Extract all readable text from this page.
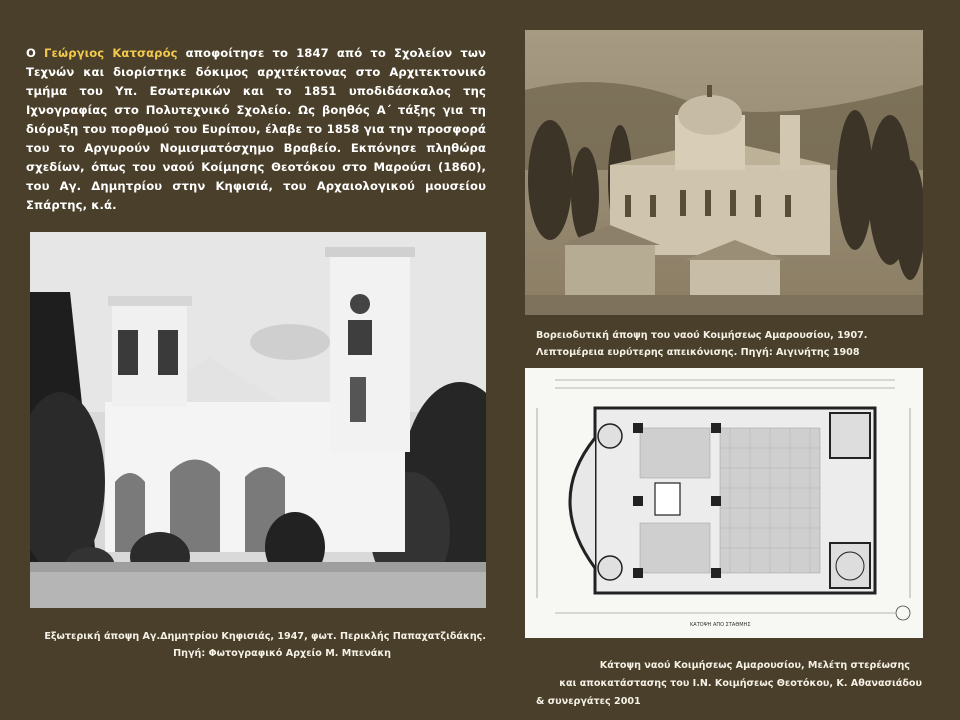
Ο Γεώργιος Κατσαρός αποφοίτησε το 1847 από το Σχολείον των Τεχνών και διορίστηκε δόκιμος αρχιτέκτονας στο Αρχιτεκτονικό τμήμα του Υπ. Εσωτερικών και το 1851 υποδιδάσκαλος της Ιχνογραφίας στο Πολυτεχνικό Σχολείο. Ως βοηθός Α΄ τάξης για τη διόρυξη του πορθμού του Ευρίπου, έλαβε το 1858 για την προσφορά του το Αργυρούν Νομισματόσχημο Βραβείο. Εκπόνησε πληθώρα σχεδίων, όπως του ναού Κοίμησης Θεοτόκου στο Μαρούσι (1860), του Αγ. Δημητρίου στην Κηφισιά, του Αρχαιολογικού μουσείου Σπάρτης, κ.ά.
Βορειοδυτική άποψη του ναού Κοιμήσεως Αμαρουσίου, 1907.
Λεπτομέρεια ευρύτερης απεικόνισης. Πηγή: Αιγινήτης 1908
Εξωτερική άποψη Αγ.Δημητρίου Κηφισιάς, 1947, φωτ. Περικλής Παπαχατζιδάκης.
Πηγή: Φωτογραφικό Αρχείο Μ. Μπενάκη
ΚΑΤΟΨΗ ΑΠΟ ΣΤΑΘΜΗΣ
Κάτοψη ναού Κοιμήσεως Αμαρουσίου, Μελέτη στερέωσης
και αποκατάστασης του Ι.Ν. Κοιμήσεως Θεοτόκου, Κ. Αθανασιάδου
& συνεργάτες 2001
